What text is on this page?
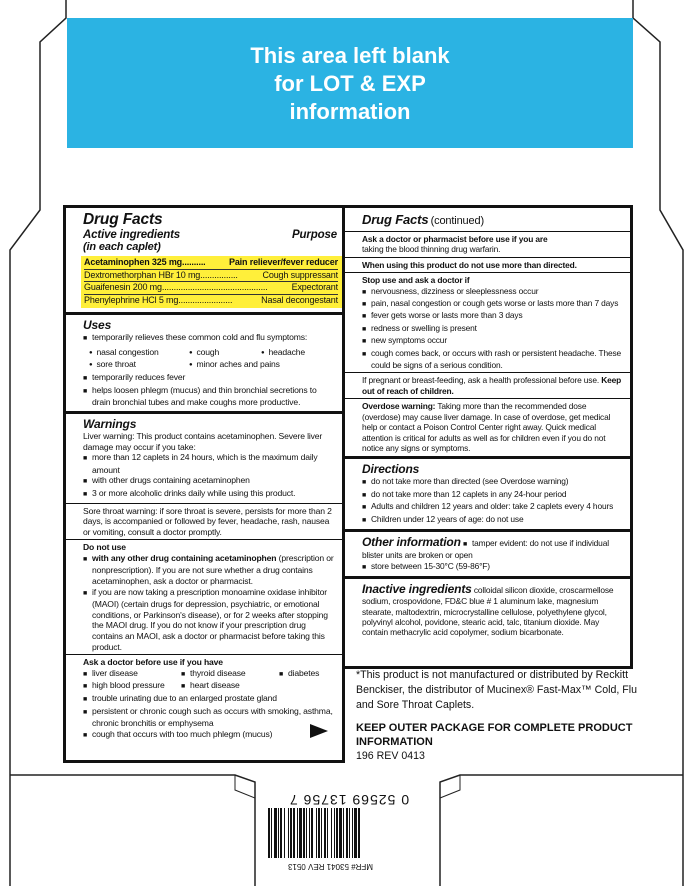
This area left blank
for LOT & EXP
information
Drug Facts
Active ingredients	Purpose
(in each caplet)
Acetaminophen 325 mg..........	Pain reliever/fever reducer
Dextromethorphan HBr 10 mg................	Cough suppressant
Guaifenesin 200 mg.............................................	Expectorant
Phenylephrine HCl 5 mg.......................	Nasal decongestant
Uses
■ temporarily relieves these common cold and flu symptoms:
● nasal congestion	● cough	● headache
● sore throat	● minor aches and pains
■ temporarily reduces fever
■ helps loosen phlegm (mucus) and thin bronchial secretions to drain bronchial tubes and make coughs more productive.
Warnings
Liver warning: This product contains acetaminophen. Severe liver damage may occur if you take:
■ more than 12 caplets in 24 hours, which is the maximum daily amount
■ with other drugs containing acetaminophen
■ 3 or more alcoholic drinks daily while using this product.
Sore throat warning: if sore throat is severe, persists for more than 2 days, is accompanied or followed by fever, headache, rash, nausea or vomiting, consult a doctor promptly.
Do not use
■ with any other drug containing acetaminophen (prescription or nonprescription). If you are not sure whether a drug contains acetaminophen, ask a doctor or pharmacist.
■ if you are now taking a prescription monoamine oxidase inhibitor (MAOI) (certain drugs for depression, psychiatric, or emotional conditions, or Parkinson's disease), or for 2 weeks after stopping the MAOI drug. If you do not know if your prescription drug contains an MAOI, ask a doctor or pharmacist before taking this product.
Ask a doctor before use if you have
■ liver disease	■ thyroid disease	■ diabetes
■ high blood pressure	■ heart disease
■ trouble urinating due to an enlarged prostate gland
■ persistent or chronic cough such as occurs with smoking, asthma, chronic bronchitis or emphysema
■ cough that occurs with too much phlegm (mucus)
Drug Facts (continued)
Ask a doctor or pharmacist before use if you are
taking the blood thinning drug warfarin.
When using this product do not use more than directed.
Stop use and ask a doctor if
■ nervousness, dizziness or sleeplessness occur
■ pain, nasal congestion or cough gets worse or lasts more than 7 days
■ fever gets worse or lasts more than 3 days
■ redness or swelling is present
■ new symptoms occur
■ cough comes back, or occurs with rash or persistent headache. These could be signs of a serious condition.
If pregnant or breast-feeding, ask a health professional before use. Keep out of reach of children.
Overdose warning: Taking more than the recommended dose (overdose) may cause liver damage. In case of overdose, get medical help or contact a Poison Control Center right away. Quick medical attention is critical for adults as well as for children even if you do not notice any signs or symptoms.
Directions
■ do not take more than directed (see Overdose warning)
■ do not take more than 12 caplets in any 24-hour period
■ Adults and children 12 years and older: take 2 caplets every 4 hours
■ Children under 12 years of age: do not use
Other information ■ tamper evident: do not use if individual blister units are broken or open
■ store between 15-30°C (59-86°F)
Inactive ingredients colloidal silicon dioxide, croscarmellose sodium, crospovidone, FD&C blue # 1 aluminum lake, magnesium stearate, maltodextrin, microcrystalline cellulose, polyethylene glycol, polyvinyl alcohol, povidone, stearic acid, talc, titanium dioxide. May contain methacrylic acid copolymer, sodium bicarbonate.
*This product is not manufactured or distributed by Reckitt Benckiser, the distributor of Mucinex® Fast-Max™ Cold, Flu and Sore Throat Caplets.
KEEP OUTER PACKAGE FOR COMPLETE PRODUCT INFORMATION
196 REV 0413
0 52569 13756 7
MFR# 53041 REV 0513
